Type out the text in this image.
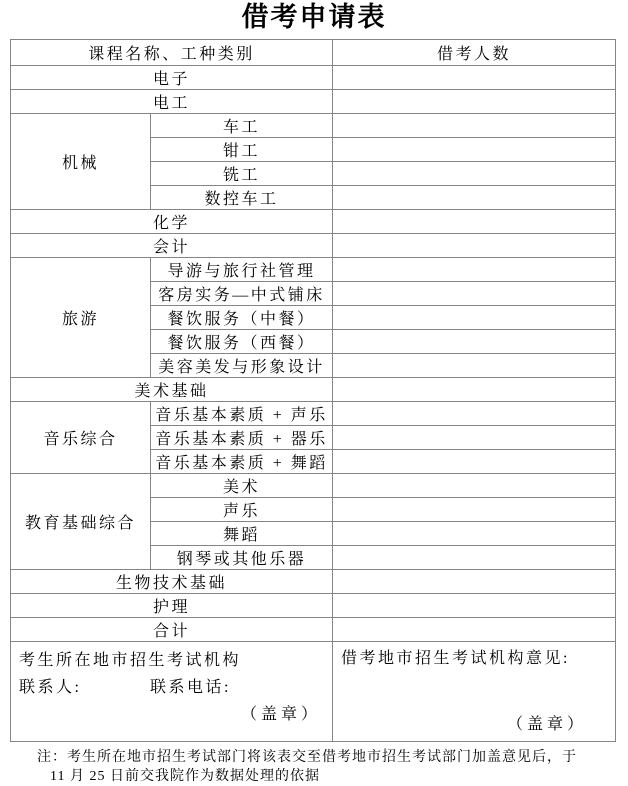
借考申请表
课程名称、工种类别		借考人数
电子		
电工		
机械	车工	
	钳工	
	铣工	
	数控车工	
化学		
会计		
旅游	导游与旅行社管理	
	客房实务—中式铺床	
	餐饮服务（中餐）	
	餐饮服务（西餐）	
	美容美发与形象设计	
美术基础		
音乐综合	音乐基本素质 + 声乐	
	音乐基本素质 + 器乐	
	音乐基本素质 + 舞蹈	
教育基础综合	美术	
	声乐	
	舞蹈	
	钢琴或其他乐器	
生物技术基础		
护理		
合计		

考生所在地市招生考试机构
联系人:	联系电话:
（盖章）

借考地市招生考试机构意见:
（盖章）
注：考生所在地市招生考试部门将该表交至借考地市招生考试部门加盖意见后，于
11 月 25 日前交我院作为数据处理的依据
